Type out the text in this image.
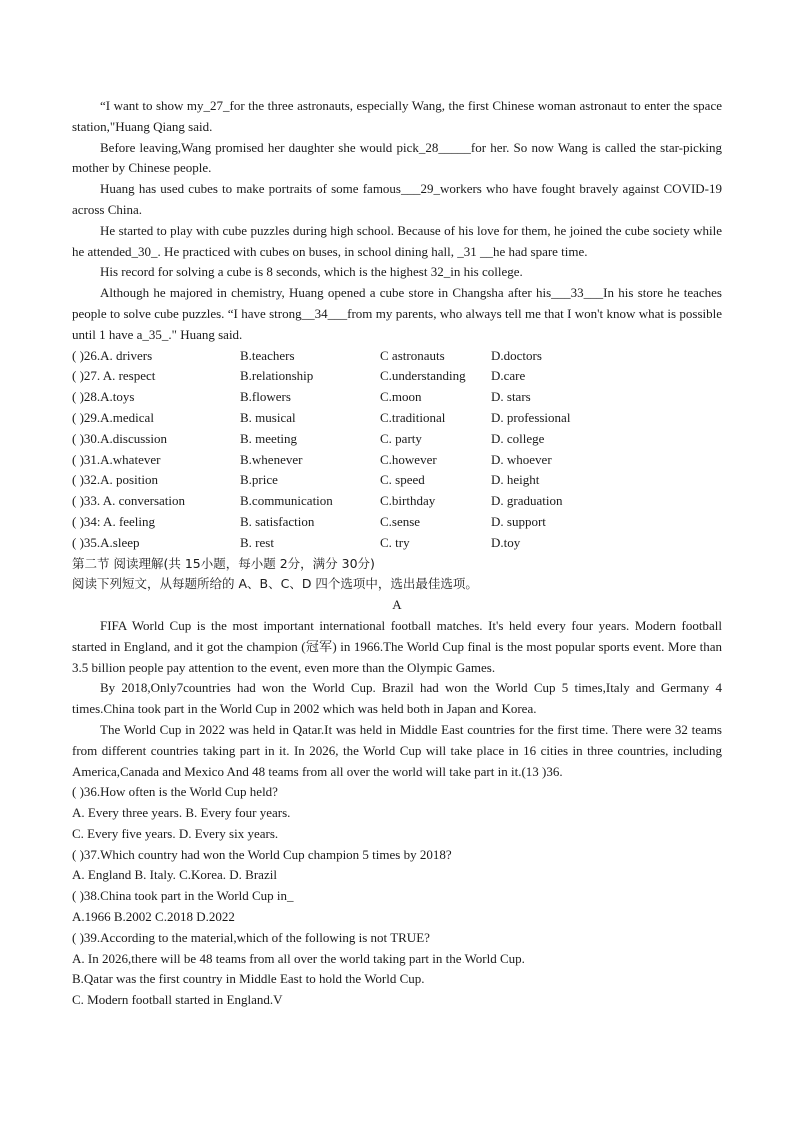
“I want to show my_27_for the three astronauts, especially Wang, the first Chinese woman astronaut to enter the space station,"Huang Qiang said.

Before leaving,Wang promised her daughter she would pick_28_____for her. So now Wang is called the star-picking mother by Chinese people.

Huang has used cubes to make portraits of some famous___29_workers who have fought bravely against COVID-19 across China.

He started to play with cube puzzles during high school. Because of his love for them, he joined the cube society while he attended_30_. He practiced with cubes on buses, in school dining hall, _31 __he had spare time.

His record for solving a cube is 8 seconds, which is the highest 32_in his college.

Although he majored in chemistry, Huang opened a cube store in Changsha after his___33___In his store he teaches people to solve cube puzzles. “I have strong__34___from my parents, who always tell me that I won't know what is possible until 1 have a_35_." Huang said.

( )26.A. drivers	B.teachers	C astronauts	D.doctors
( )27. A. respect	B.relationship	C.understanding	D.care
( )28.A.toys	B.flowers	C.moon	D. stars
( )29.A.medical	B. musical	C.traditional	D. professional
( )30.A.discussion	B. meeting	C. party	D. college
( )31.A.whatever	B.whenever	C.however	D. whoever
( )32.A. position	B.price	C. speed	D. height
( )33. A. conversation	B.communication	C.birthday	D. graduation
( )34: A. feeling	B. satisfaction	C.sense	D. support
( )35.A.sleep	B. rest	C. try	D.toy

第二节 阅读理解(共 15小题，每小题 2分，满分 30分)

阅读下列短文，从每题所给的 A、B、C、D 四个选项中，选出最佳选项。

A

FIFA World Cup is the most important international football matches. It's held every four years. Modern football started in England, and it got the champion (冠军) in 1966.The World Cup final is the most popular sports event. More than 3.5 billion people pay attention to the event, even more than the Olympic Games.

By 2018,Only7countries had won the World Cup. Brazil had won the World Cup 5 times,Italy and Germany 4 times.China took part in the World Cup in 2002 which was held both in Japan and Korea.

The World Cup in 2022 was held in Qatar.It was held in Middle East countries for the first time. There were 32 teams from different countries taking part in it. In 2026, the World Cup will take place in 16 cities in three countries, including America,Canada and Mexico And 48 teams from all over the world will take part in it.(13 )36.

( )36.How often is the World Cup held?

A. Every three years. B. Every four years.

C. Every five years. D. Every six years.

( )37.Which country had won the World Cup champion 5 times by 2018?

A. England B. Italy. C.Korea. D. Brazil

( )38.China took part in the World Cup in_

A.1966 B.2002 C.2018 D.2022

( )39.According to the material,which of the following is not TRUE?

A. In 2026,there will be 48 teams from all over the world taking part in the World Cup.

B.Qatar was the first country in Middle East to hold the World Cup.

C. Modern football started in England.V
